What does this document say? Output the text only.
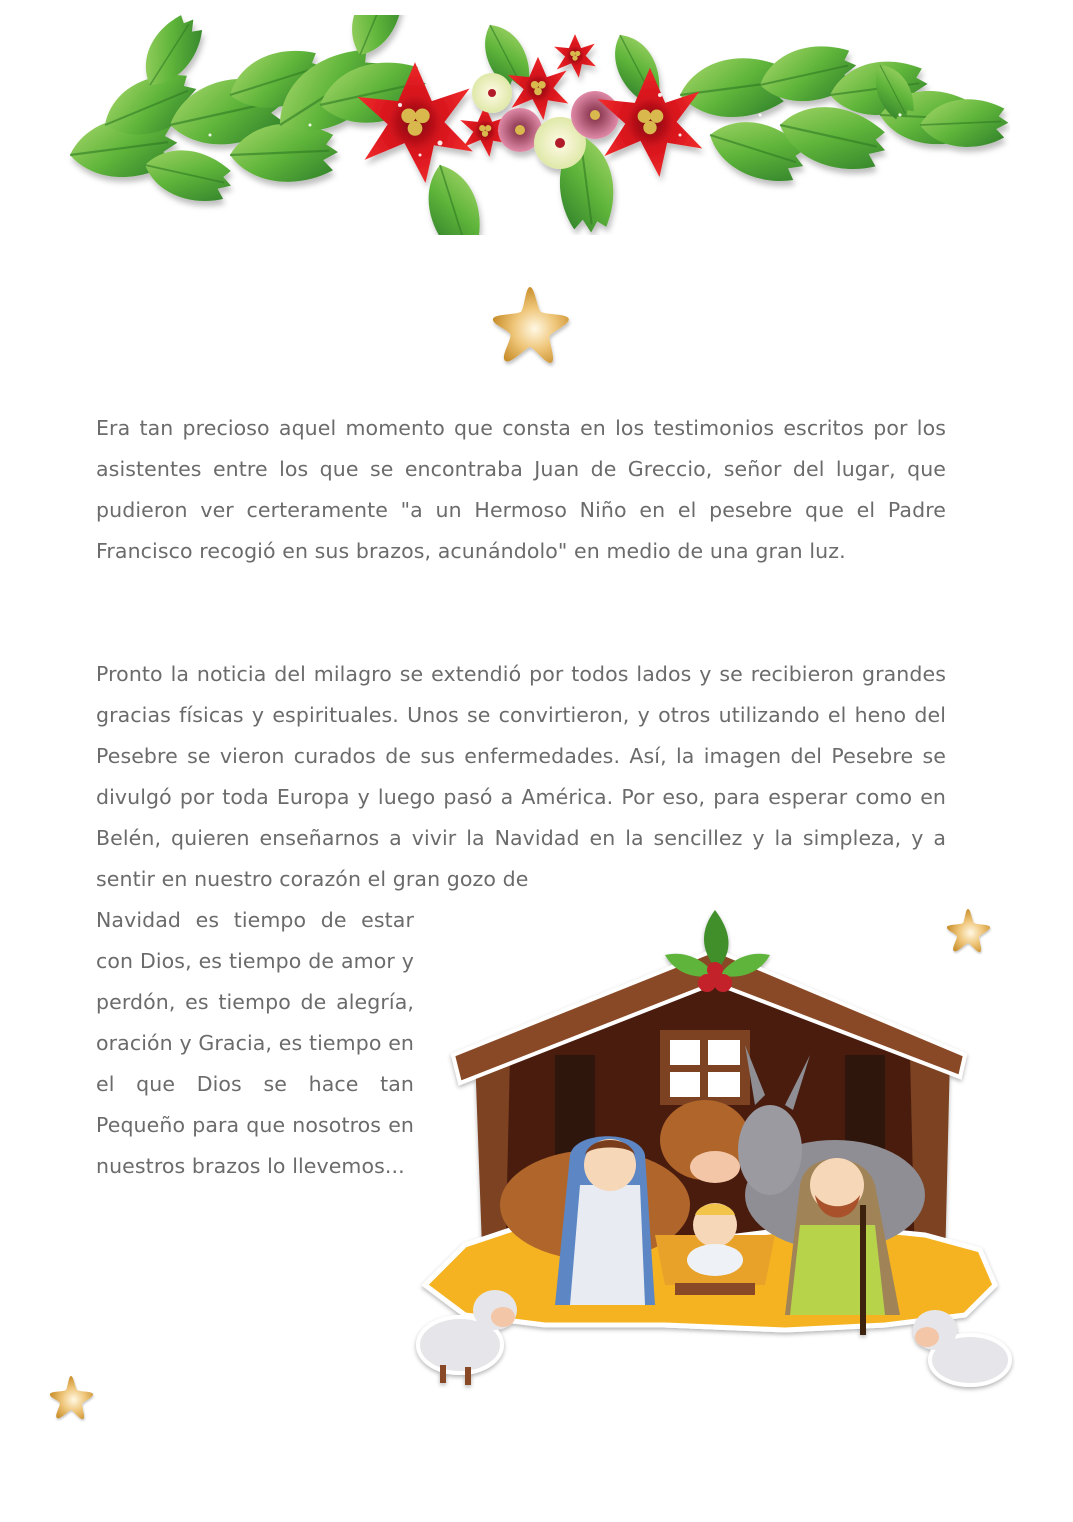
Era tan precioso aquel momento que consta en los testimonios escritos por los asistentes entre los que se encontraba Juan de Greccio, señor del lugar, que pudieron ver certeramente "a un Hermoso Niño en el pesebre que el Padre Francisco recogió en sus brazos, acunándolo" en medio de una gran luz.

Pronto la noticia del milagro se extendió por todos lados y se recibieron grandes gracias físicas y espirituales. Unos se convirtieron, y otros utilizando el heno del Pesebre se vieron curados de sus enfermedades. Así, la imagen del Pesebre se divulgó por toda Europa y luego pasó a América. Por eso, para esperar como en Belén, quieren enseñarnos a vivir la Navidad en la sencillez y la simpleza, y a sentir en nuestro corazón el gran gozo de

Navidad es tiempo de estar con Dios, es tiempo de amor y perdón, es tiempo de alegría, oración y Gracia, es tiempo en el que Dios se hace tan Pequeño para que nosotros en nuestros brazos lo llevemos...
